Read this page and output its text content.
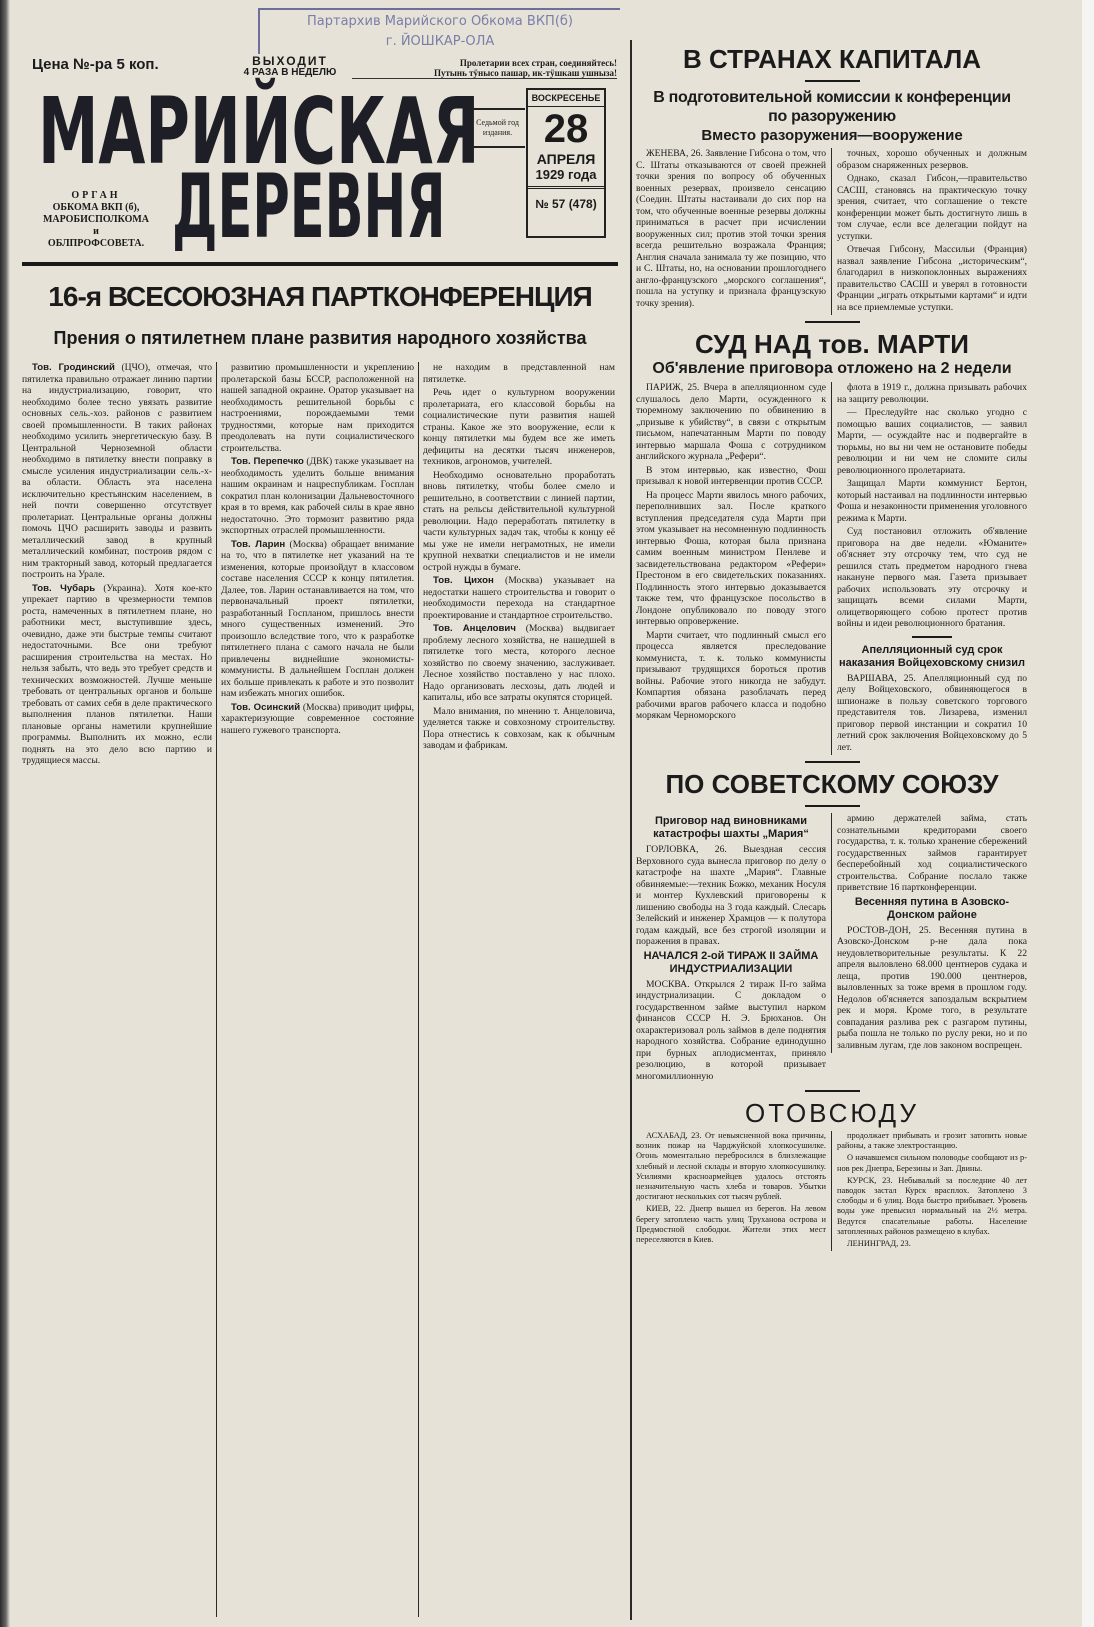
Партархив Марийского Обкома ВКП(б)
г. ЙОШКАР-ОЛА
Цена №-ра 5 коп.	ВЫХОДИТ
4 РАЗА В НЕДЕЛЮ
Пролетарии всех стран, соединяйтесь!
Путынь тӱнысо пашар, ик-тӱшкаш ушныза!
МАРИЙСКАЯ
ДЕРЕВНЯ
Седьмой год издания.
ВОСКРЕСЕНЬЕ
28
АПРЕЛЯ
1929 года
№ 57 (478)
ОРГАН
ОБКОМА ВКП (б),
МАРОБИСПОЛКОМА и
ОБЛПРОФСОВЕТА.
16-я ВСЕСОЮЗНАЯ ПАРТКОНФЕРЕНЦИЯ
Прения о пятилетнем плане развития народного хозяйства

Тов. Гродинский (ЦЧО), отмечая, что пятилетка правильно отражает линию партии на индустриализацию, говорит, что необходимо более тесно увязать развитие основных сель.-хоз. районов с развитием своей промышленности. В таких районах необходимо усилить энергетическую базу. В Центральной Черноземной области необходимо в пятилетку внести поправку в смысле усиления индустриализации сель.-х-ва области. Область эта населена исключительно крестьянским населением, в ней почти совершенно отсутствует пролетариат. Центральные органы должны помочь ЦЧО расширить заводы и развить металлический завод в крупный металлический комбинат, построив рядом с ним тракторный завод, который предлагается построить на Урале.

Тов. Чубарь (Украина). Хотя кое-кто упрекает партию в чрезмерности темпов роста, намеченных в пятилетнем плане, но работники мест, выступившие здесь, очевидно, даже эти быстрые темпы считают недостаточными. Все они требуют расширения строительства на местах. Но нельзя забыть, что ведь это требует средств и технических возможностей. Лучше меньше требовать от центральных органов и больше требовать от самих себя в деле практического выполнения планов пятилетки. Наши плановые органы наметили крупнейшие программы. Выполнить их можно, если поднять на это дело всю партию и трудящиеся массы.

развитию промышленности и укреплению пролетарской базы БССР, расположенной на нашей западной окраине. Оратор указывает на необходимость решительной борьбы с настроениями, порождаемыми теми трудностями, которые нам приходится преодолевать на пути социалистического строительства.

Тов. Перепечко (ДВК) также указывает на необходимость уделить больше внимания нашим окраинам и нацреспубликам. Госплан сократил план колонизации Дальневосточного края в то время, как рабочей силы в крае явно недостаточно. Это тормозит развитию ряда экспортных отраслей промышленности.

Тов. Ларин (Москва) обращает внимание на то, что в пятилетке нет указаний на те изменения, которые произойдут в классовом составе населения СССР к концу пятилетия. Далее, тов. Ларин останавливается на том, что первоначальный проект пятилетки, разработанный Госпланом, пришлось внести много существенных изменений. Это произошло вследствие того, что к разработке пятилетнего плана с самого начала не были привлечены виднейшие экономисты-коммунисты. В дальнейшем Госплан должен их больше привлекать к работе и это позволит нам избежать многих ошибок.

Тов. Осинский (Москва) приводит цифры, характеризующие современное состояние нашего гужевого транспорта.

не находим в представленной нам пятилетке.

Речь идет о культурном вооружении пролетариата, его классовой борьбы на социалистические пути развития нашей страны. Какое же это вооружение, если к концу пятилетки мы будем все же иметь дефициты на десятки тысяч инженеров, техников, агрономов, учителей.

Необходимо основательно проработать вновь пятилетку, чтобы более смело и решительно, в соответствии с линией партии, стать на рельсы действительной культурной революции. Надо переработать пятилетку в части культурных задач так, чтобы к концу её мы уже не имели неграмотных, не имели крупной нехватки специалистов и не имели острой нужды в бумаге.

Тов. Цихон (Москва) указывает на недостатки нашего строительства и говорит о необходимости перехода на стандартное проектирование и стандартное строительство.

Тов. Анцелович (Москва) выдвигает проблему лесного хозяйства, не нашедшей в пятилетке того места, которого лесное хозяйство по своему значению, заслуживает. Лесное хозяйство поставлено у нас плохо. Надо организовать лесхозы, дать людей и капиталы, ибо все затраты окупятся сторицей.

Мало внимания, по мнению т. Анцеловича, уделяется также и совхозному строительству. Пора отнестись к совхозам, как к обычным заводам и фабрикам.

В СТРАНАХ КАПИТАЛА
В подготовительной комиссии к конференции
по разоружению
Вместо разоружения—вооружение

ЖЕНЕВА, 26. Заявление Гибсона о том, что С. Штаты отказываются от своей прежней точки зрения по вопросу об обученных военных резервах, произвело сенсацию (Соедин. Штаты настаивали до сих пор на том, что обученные военные резервы должны приниматься в расчет при исчислении вооруженных сил; против этой точки зрения всегда решительно возражала Франция; Англия сначала занимала ту же позицию, что и С. Штаты, но, на основании прошлогоднего англо-французского „морского соглашения“, пошла на уступку и признала французскую точку зрения).

точных, хорошо обученных и должным образом снаряженных резервов.

Однако, сказал Гибсон,—правительство САСШ, становясь на практическую точку зрения, считает, что соглашение о тексте конференции может быть достигнуто лишь в том случае, если все делегации пойдут на уступки.

Отвечая Гибсону, Массильи (Франция) назвал заявление Гибсона „историческим“, благодарил в низкопоклонных выражениях правительство САСШ и уверял в готовности Франции „играть открытыми картами“ и идти на все приемлемые уступки.

СУД НАД тов. МАРТИ
Об'явление приговора отложено на 2 недели

ПАРИЖ, 25. Вчера в апелляционном суде слушалось дело Марти, осужденного к тюремному заключению по обвинению в „призыве к убийству“, в связи с открытым письмом, напечатанным Марти по поводу интервью маршала Фоша с сотрудником английского журнала „Рефери“.

В этом интервью, как известно, Фош призывал к новой интервенции против СССР.

На процесс Марти явилось много рабочих, переполнивших зал. После краткого вступления председателя суда Марти при этом указывает на несомненную подлинность интервью Фоша, которая была признана самим военным министром Пенлеве и засвидетельствована редактором «Рефери» Престоном в его свидетельских показаниях. Подлинность этого интервью доказывается также тем, что французское посольство в Лондоне опубликовало по поводу этого интервью опровержение.

Марти считает, что подлинный смысл его процесса является преследование коммуниста, т. к. только коммунисты призывают трудящихся бороться против войны. Рабочие этого никогда не забудут. Компартия обязана разоблачать перед рабочими врагов рабочего класса и подобно морякам Черноморского

флота в 1919 г., должна призывать рабочих на защиту революции.

— Преследуйте нас сколько угодно с помощью ваших социалистов, — заявил Марти, — осуждайте нас и подвергайте в тюрьмы, но вы ни чем не остановите победы революции и ни чем не сломите силы революционного пролетариата.

Защищал Марти коммунист Бертон, который настаивал на подлинности интервью Фоша и незаконности применения уголовного режима к Марти.

Суд постановил отложить об'явление приговора на две недели. «Юманите» об'ясняет эту отсрочку тем, что суд не решился стать предметом народного гнева накануне первого мая. Газета призывает рабочих использовать эту отсрочку и защищать всеми силами Марти, олицетворяющего собою протест против войны и идеи революционного братания.

Апелляционный суд срок наказания Войцеховскому снизил

ВАРШАВА, 25. Апелляционный суд по делу Войцеховского, обвиняющегося в шпионаже в пользу советского торгового представителя тов. Лизарева, изменил приговор первой инстанции и сократил 10 летний срок заключения Войцеховскому до 5 лет.

ПО СОВЕТСКОМУ СОЮЗУ
Приговор над виновниками катастрофы шахты „Мария“

ГОРЛОВКА, 26. Выездная сессия Верховного суда вынесла приговор по делу о катастрофе на шахте „Мария“. Главные обвиняемые:—техник Божко, механик Носуля и монтер Кухлевский приговорены к лишению свободы на 3 года каждый. Слесарь Зелейский и инженер Храмцов — к полутора годам каждый, все без строгой изоляции и поражения в правах.

НАЧАЛСЯ 2-ой ТИРАЖ II ЗАЙМА ИНДУСТРИАЛИЗАЦИИ

МОСКВА. Открылся 2 тираж II-го займа индустриализации. С докладом о государственном займе выступил нарком финансов СССР Н. Э. Брюханов. Он охарактеризовал роль займов в деле поднятия народного хозяйства. Собрание единодушно при бурных аплодисментах, приняло резолюцию, в которой призывает многомиллионную

армию держателей займа, стать сознательными кредиторами своего государства, т. к. только хранение сбережений государственных займов гарантирует бесперебойный ход социалистического строительства. Собрание послало также приветствие 16 партконференции.

Весенняя путина в Азовско-Донском районе

РОСТОВ-ДОН, 25. Весенняя путина в Азовско-Донском р-не дала пока неудовлетворительные результаты. К 22 апреля выловлено 68.000 центнеров судака и леща, против 190.000 центнеров, выловленных за тоже время в прошлом году. Недолов об'ясняется запоздалым вскрытием рек и моря. Кроме того, в результате совпадания разлива рек с разгаром путины, рыба пошла не только по руслу реки, но и по заливным лугам, где лов законом воспрещен.

ОТОВСЮДУ

АСХАБАД, 23. От невыясненной вока причины, возник пожар на Чарджуйской хлопкосушилке. Огонь моментально перебросился в близлежащие хлебный и лесной склады и вторую хлопкосушилку. Усилиями красноармейцев удалось отстоять незначительную часть хлеба и товаров. Убытки достигают нескольких сот тысяч рублей.

КИЕВ, 22. Днепр вышел из берегов. На левом берегу затоплено часть улиц Труханова острова и Предмостной слободки. Жители этих мест переселяются в Киев.

продолжает прибывать и грозит затопить новые районы, а также электростанцию.

О начавшемся сильном половодье сообщают из р-нов рек Днепра, Березины и Зап. Двины.

КУРСК, 23. Небывалый за последние 40 лет паводок застал Курск врасплох. Затоплено 3 слободы и 6 улиц. Вода быстро прибывает. Уровень воды уже превысил нормальный на 2½ метра. Ведутся спасательные работы. Население затопленных районов размещено в клубах.

ЛЕНИНГРАД, 23.
